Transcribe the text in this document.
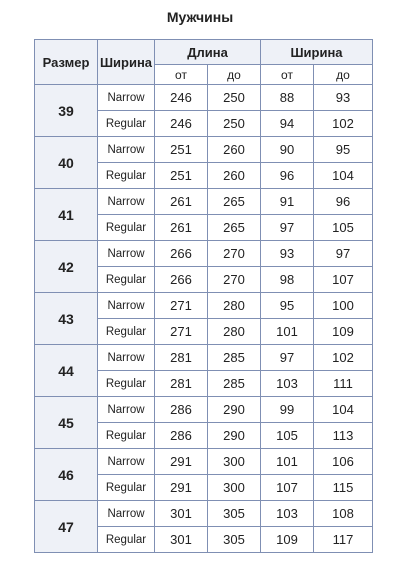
Мужчины
Размер	Ширина	Длина		Ширина	
		от	до	от	до
39	Narrow	246	250	88	93
	Regular	246	250	94	102
40	Narrow	251	260	90	95
	Regular	251	260	96	104
41	Narrow	261	265	91	96
	Regular	261	265	97	105
42	Narrow	266	270	93	97
	Regular	266	270	98	107
43	Narrow	271	280	95	100
	Regular	271	280	101	109
44	Narrow	281	285	97	102
	Regular	281	285	103	111
45	Narrow	286	290	99	104
	Regular	286	290	105	113
46	Narrow	291	300	101	106
	Regular	291	300	107	115
47	Narrow	301	305	103	108
	Regular	301	305	109	117
